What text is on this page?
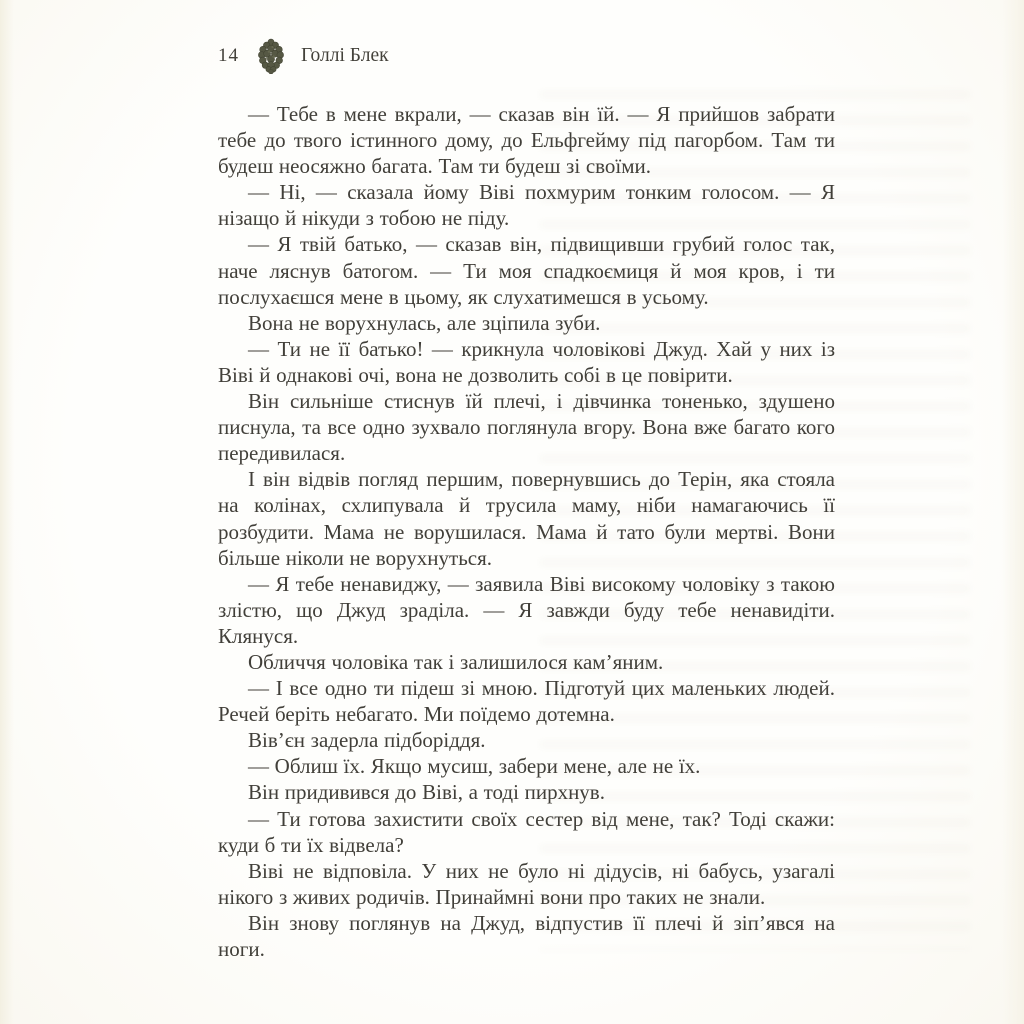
14	Голлі Блек

— Тебе в мене вкрали, — сказав він їй. — Я прийшов забрати тебе до твого істинного дому, до Ельфгейму під пагорбом. Там ти будеш неосяжно багата. Там ти будеш зі своїми.

— Ні, — сказала йому Віві похмурим тонким голосом. — Я нізащо й нікуди з тобою не піду.

— Я твій батько, — сказав він, підвищивши грубий голос так, наче ляснув батогом. — Ти моя спадкоємиця й моя кров, і ти послухаєшся мене в цьому, як слухатимешся в усьому.

Вона не ворухнулась, але зціпила зуби.

— Ти не її батько! — крикнула чоловікові Джуд. Хай у них із Віві й однакові очі, вона не дозволить собі в це повірити.

Він сильніше стиснув їй плечі, і дівчинка тоненько, здушено писнула, та все одно зухвало поглянула вгору. Вона вже багато кого передивилася.

І він відвів погляд першим, повернувшись до Терін, яка стояла на колінах, схлипувала й трусила маму, ніби намагаючись її розбудити. Мама не ворушилася. Мама й тато були мертві. Вони більше ніколи не ворухнуться.

— Я тебе ненавиджу, — заявила Віві високому чоловіку з такою злістю, що Джуд зраділа. — Я завжди буду тебе ненавидіти. Клянуся.

Обличчя чоловіка так і залишилося кам’яним.

— І все одно ти підеш зі мною. Підготуй цих маленьких людей. Речей беріть небагато. Ми поїдемо дотемна.

Вів’єн задерла підборіддя.

— Облиш їх. Якщо мусиш, забери мене, але не їх.

Він придивився до Віві, а тоді пирхнув.

— Ти готова захистити своїх сестер від мене, так? Тоді скажи: куди б ти їх відвела?

Віві не відповіла. У них не було ні дідусів, ні бабусь, узагалі нікого з живих родичів. Принаймні вони про таких не знали.

Він знову поглянув на Джуд, відпустив її плечі й зіп’явся на ноги.
